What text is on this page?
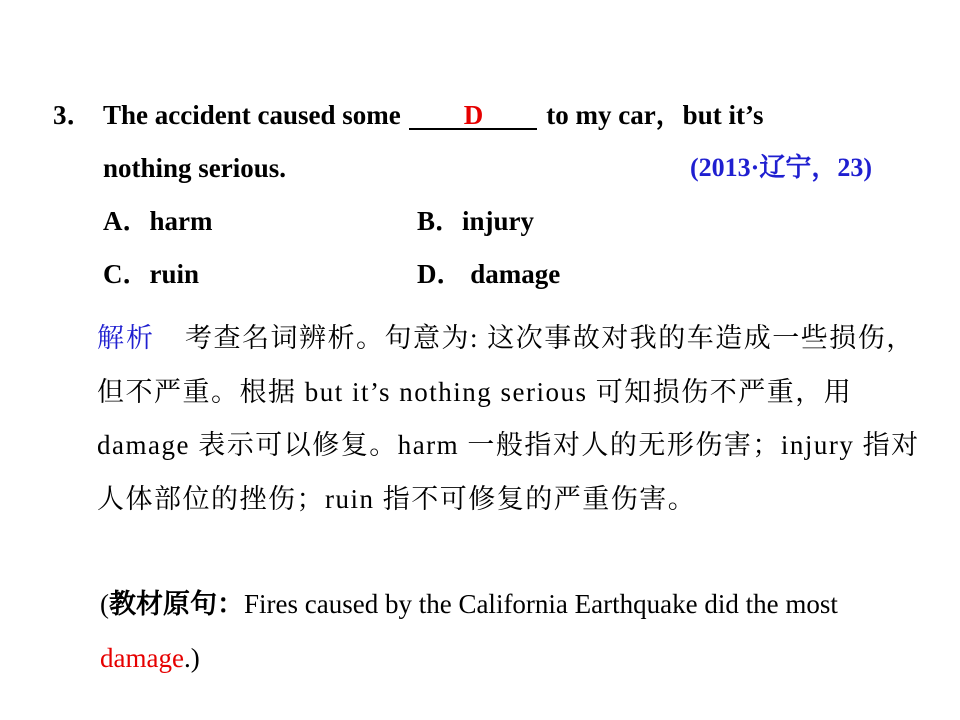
3． The accident caused some D to my car，but it’s
nothing serious.	(2013·辽宁，23)
A．harm	B．injury
C．ruin	D． damage
解析 考查名词辨析。句意为: 这次事故对我的车造成一些损伤，但不严重。根据 but it’s nothing serious 可知损伤不严重，用 damage 表示可以修复。harm 一般指对人的无形伤害；injury 指对人体部位的挫伤；ruin 指不可修复的严重伤害。
(教材原句：Fires caused by the California Earthquake did the most damage.)
